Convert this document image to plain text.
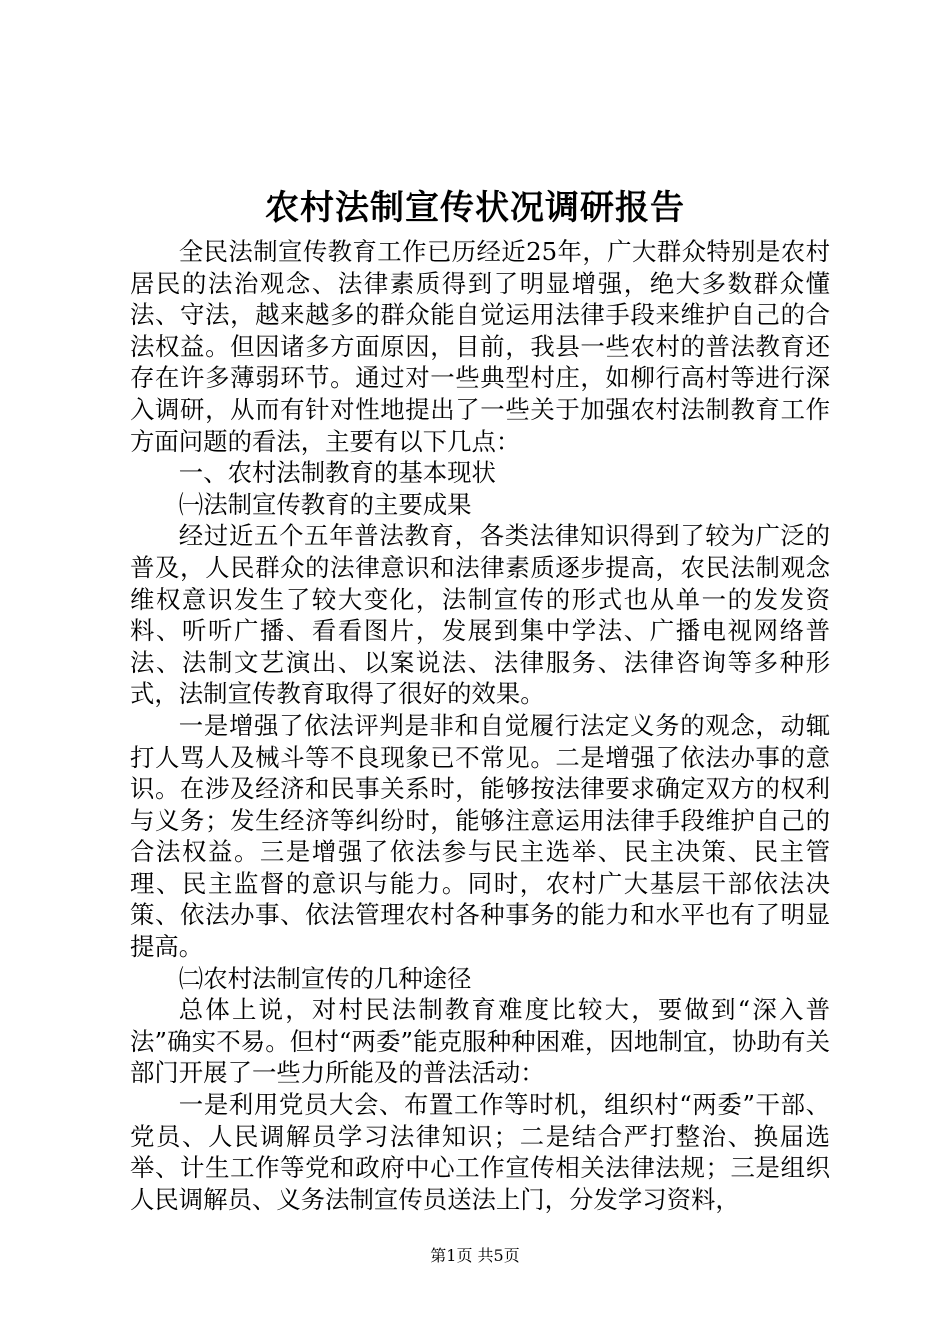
农村法制宣传状况调研报告

全民法制宣传教育工作已历经近25年，广大群众特别是农村居民的法治观念、法律素质得到了明显增强，绝大多数群众懂法、守法，越来越多的群众能自觉运用法律手段来维护自己的合法权益。但因诸多方面原因，目前，我县一些农村的普法教育还存在许多薄弱环节。通过对一些典型村庄，如柳行高村等进行深入调研，从而有针对性地提出了一些关于加强农村法制教育工作方面问题的看法，主要有以下几点：

一、农村法制教育的基本现状

㈠法制宣传教育的主要成果

经过近五个五年普法教育，各类法律知识得到了较为广泛的普及，人民群众的法律意识和法律素质逐步提高，农民法制观念维权意识发生了较大变化，法制宣传的形式也从单一的发发资料、听听广播、看看图片，发展到集中学法、广播电视网络普法、法制文艺演出、以案说法、法律服务、法律咨询等多种形式，法制宣传教育取得了很好的效果。

一是增强了依法评判是非和自觉履行法定义务的观念，动辄打人骂人及械斗等不良现象已不常见。二是增强了依法办事的意识。在涉及经济和民事关系时，能够按法律要求确定双方的权利与义务；发生经济等纠纷时，能够注意运用法律手段维护自己的合法权益。三是增强了依法参与民主选举、民主决策、民主管理、民主监督的意识与能力。同时，农村广大基层干部依法决策、依法办事、依法管理农村各种事务的能力和水平也有了明显提高。

㈡农村法制宣传的几种途径

总体上说，对村民法制教育难度比较大，要做到“深入普法”确实不易。但村“两委”能克服种种困难，因地制宜，协助有关部门开展了一些力所能及的普法活动：

一是利用党员大会、布置工作等时机，组织村“两委”干部、党员、人民调解员学习法律知识；二是结合严打整治、换届选举、计生工作等党和政府中心工作宣传相关法律法规；三是组织人民调解员、义务法制宣传员送法上门，分发学习资料，

第1页 共5页
